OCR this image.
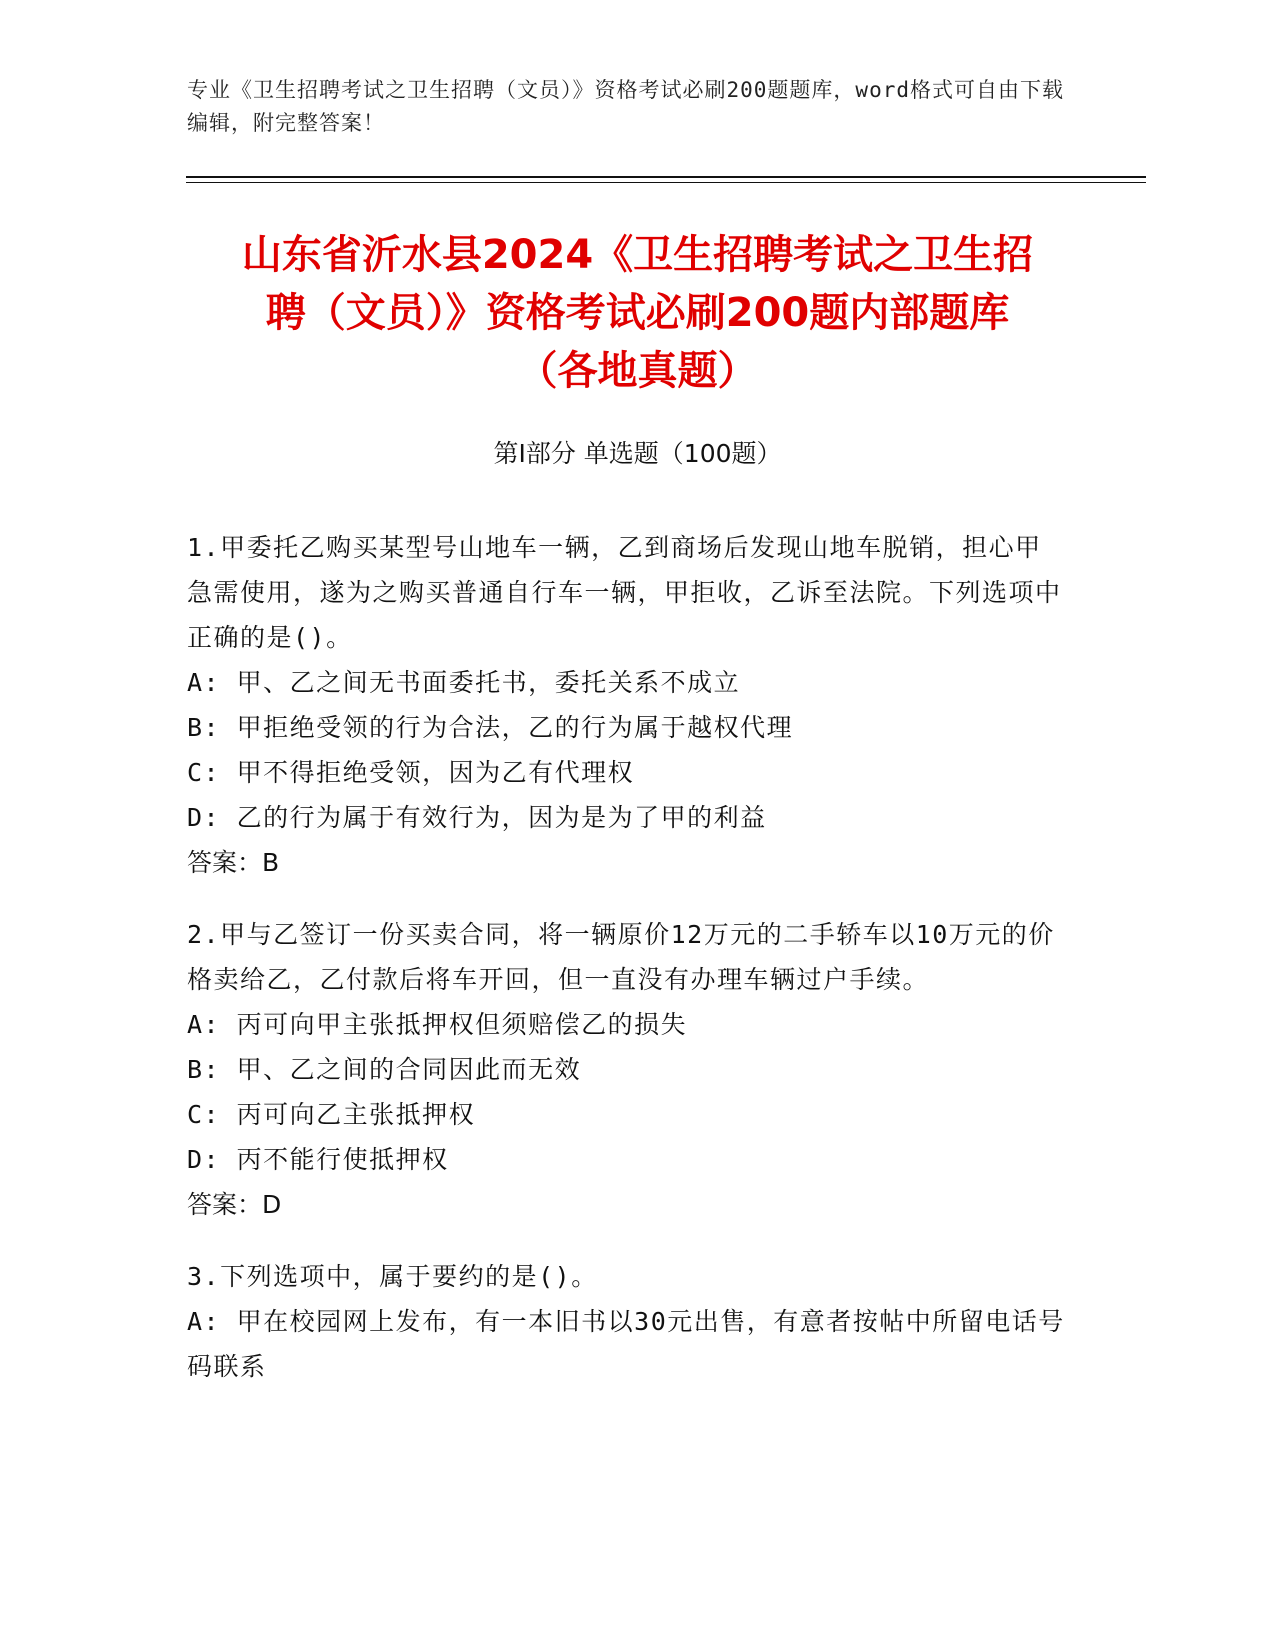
专业《卫生招聘考试之卫生招聘（文员）》资格考试必刷200题题库，word格式可自由下载编辑，附完整答案！
山东省沂水县2024《卫生招聘考试之卫生招
聘（文员）》资格考试必刷200题内部题库
（各地真题）
第Ⅰ部分 单选题（100题）
1.甲委托乙购买某型号山地车一辆，乙到商场后发现山地车脱销，担心甲急需使用，遂为之购买普通自行车一辆，甲拒收，乙诉至法院。下列选项中正确的是()。
A: 甲、乙之间无书面委托书，委托关系不成立
B: 甲拒绝受领的行为合法，乙的行为属于越权代理
C: 甲不得拒绝受领，因为乙有代理权
D: 乙的行为属于有效行为，因为是为了甲的利益
答案：B
2.甲与乙签订一份买卖合同，将一辆原价12万元的二手轿车以10万元的价格卖给乙，乙付款后将车开回，但一直没有办理车辆过户手续。
A: 丙可向甲主张抵押权但须赔偿乙的损失
B: 甲、乙之间的合同因此而无效
C: 丙可向乙主张抵押权
D: 丙不能行使抵押权
答案：D
3.下列选项中，属于要约的是()。
A: 甲在校园网上发布，有一本旧书以30元出售，有意者按帖中所留电话号码联系
